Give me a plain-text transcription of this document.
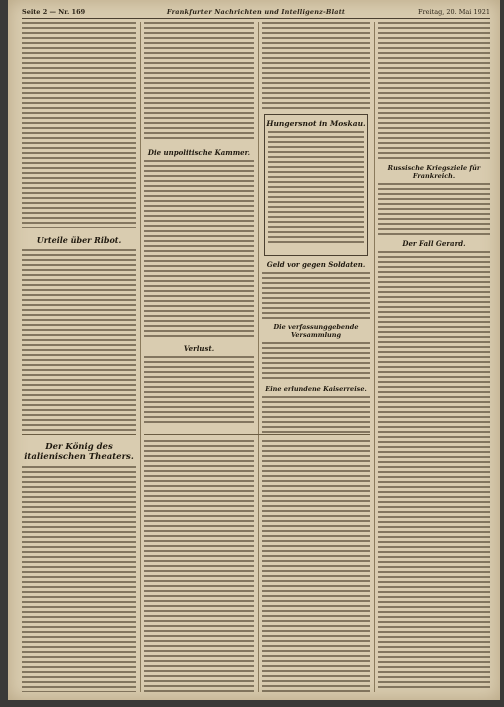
Seite 2 — Nr. 169	Frankfurter Nachrichten und Intelligenz-Blatt	Freitag, 20. Mai 1921
Urteile über Ribot.
Der König des italienischen Theaters.
Die unpolitische Kammer.
Verlust.
Hungersnot in Moskau.
Geld vor gegen Soldaten.
Die verfassunggebende Versammlung
Eine erlundene Kaiserreise.
Russische Kriegsziele für Frankreich.
Der Fall Gerard.
